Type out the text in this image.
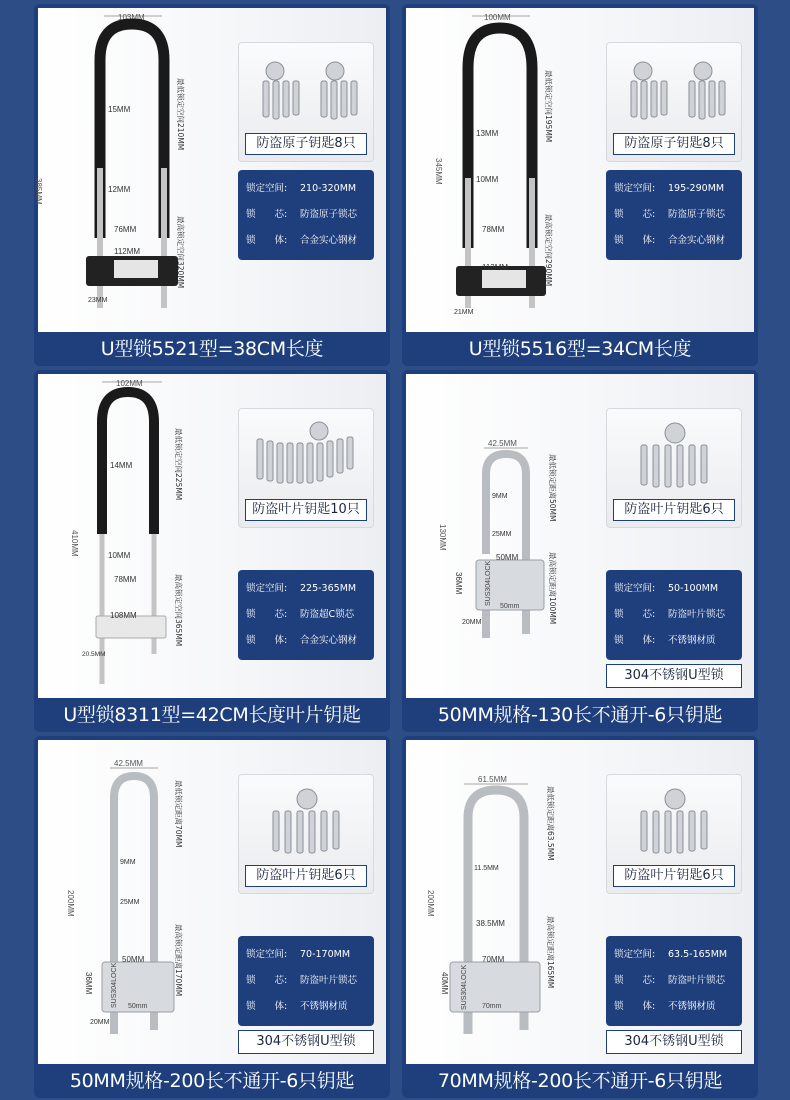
103MM
385MM
15MM
12MM
76MM
112MM
23MM
最低锁定空间210MM
最高锁定空间320MM
防盗原子钥匙8只
锁定空间:	210-320MM
锁　　芯:	防盗原子锁芯
锁　　体:	合金实心钢材
U型锁5521型=38CM长度
100MM
345MM
13MM
10MM
78MM
113MM
21MM
最低锁定空间195MM
最高锁定空间290MM
防盗原子钥匙8只
锁定空间:	195-290MM
锁　　芯:	防盗原子锁芯
锁　　体:	合金实心钢材
U型锁5516型=34CM长度
102MM
410MM
14MM
10MM
78MM
108MM
20.5MM
最低锁定空间225MM
最高锁定空间365MM
防盗叶片钥匙10只
锁定空间:	225-365MM
锁　　芯:	防盗超C锁芯
锁　　体:	合金实心钢材
U型锁8311型=42CM长度叶片钥匙
42.5MM
SUS304LOCK
50mm
130MM
9MM
25MM
50MM
36MM
20MM
最低锁定距离50MM
最高锁定距离100MM
防盗叶片钥匙6只
锁定空间:	50-100MM
锁　　芯:	防盗叶片锁芯
锁　　体:	不锈钢材质
304不锈钢U型锁
50MM规格-130长不通开-6只钥匙
42.5MM
SUS304LOCK 50mm
200MM
9MM
25MM
50MM
36MM
20MM
最低锁定距离70MM
最高锁定距离170MM
防盗叶片钥匙6只
锁定空间:	70-170MM
锁　　芯:	防盗叶片锁芯
锁　　体:	不锈钢材质
304不锈钢U型锁
50MM规格-200长不通开-6只钥匙
61.5MM
SUS304LOCK 70mm
200MM
11.5MM
38.5MM
70MM
40MM
最低锁定距离63.5MM
最高锁定距离165MM
防盗叶片钥匙6只
锁定空间:	63.5-165MM
锁　　芯:	防盗叶片锁芯
锁　　体:	不锈钢材质
304不锈钢U型锁
70MM规格-200长不通开-6只钥匙
